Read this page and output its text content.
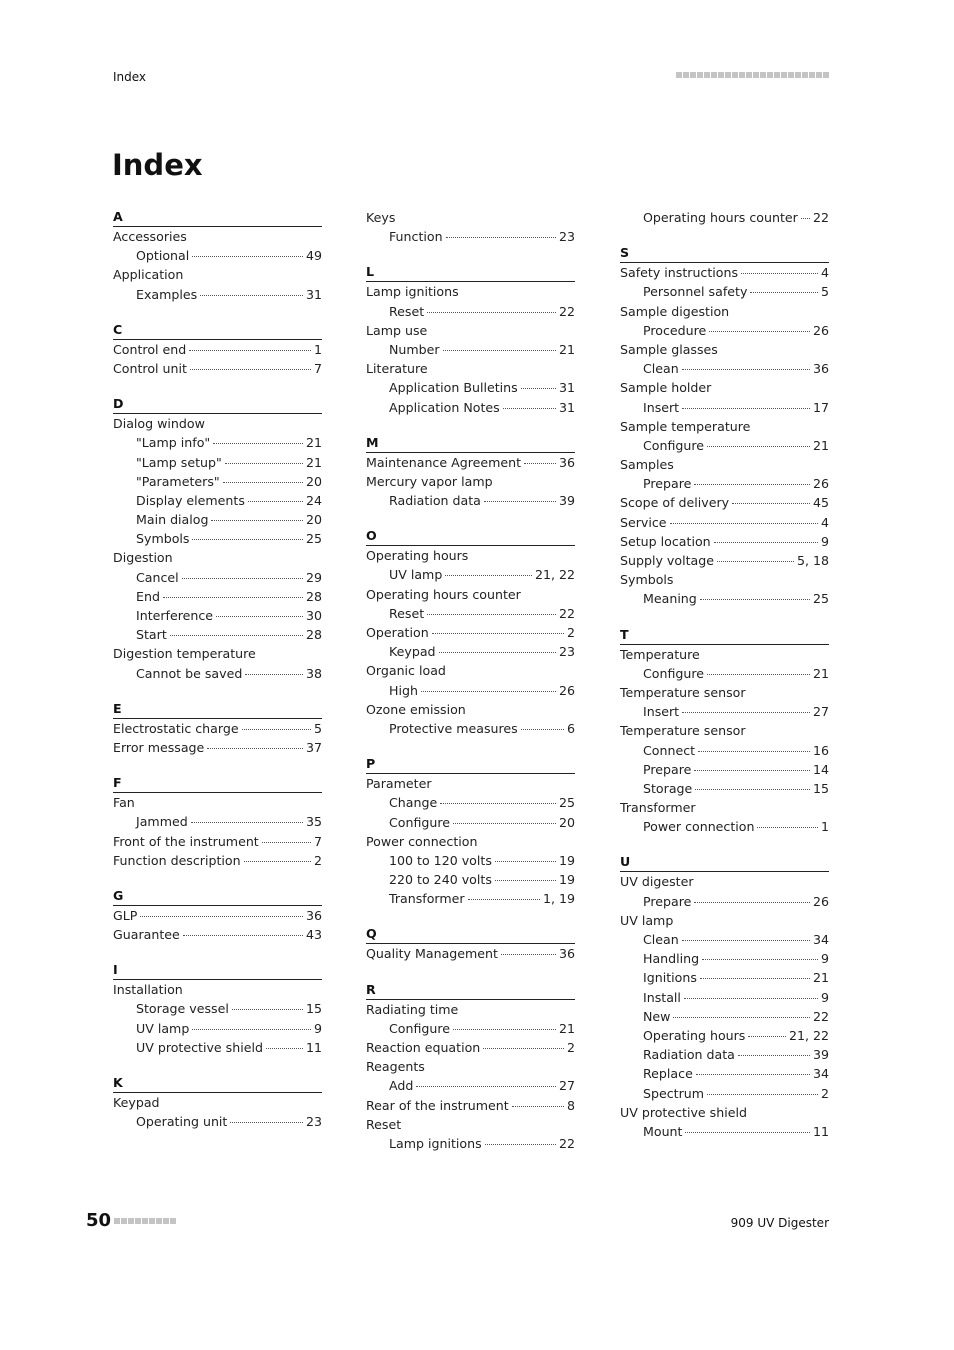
Index
Index
A
Accessories
Optional	49
Application
Examples	31
C
Control end	1
Control unit	7
D
Dialog window
"Lamp info"	21
"Lamp setup"	21
"Parameters"	20
Display elements	24
Main dialog	20
Symbols	25
Digestion
Cancel	29
End	28
Interference	30
Start	28
Digestion temperature
Cannot be saved	38
E
Electrostatic charge	5
Error message	37
F
Fan
Jammed	35
Front of the instrument	7
Function description	2
G
GLP	36
Guarantee	43
I
Installation
Storage vessel	15
UV lamp	9
UV protective shield	11
K
Keypad
Operating unit	23
Keys
Function	23
L
Lamp ignitions
Reset	22
Lamp use
Number	21
Literature
Application Bulletins	31
Application Notes	31
M
Maintenance Agreement	36
Mercury vapor lamp
Radiation data	39
O
Operating hours
UV lamp	21, 22
Operating hours counter
Reset	22
Operation	2
Keypad	23
Organic load
High	26
Ozone emission
Protective measures	6
P
Parameter
Change	25
Configure	20
Power connection
100 to 120 volts	19
220 to 240 volts	19
Transformer	1, 19
Q
Quality Management	36
R
Radiating time
Configure	21
Reaction equation	2
Reagents
Add	27
Rear of the instrument	8
Reset
Lamp ignitions	22
Operating hours counter 22
S
Safety instructions	4
Personnel safety	5
Sample digestion
Procedure	26
Sample glasses
Clean	36
Sample holder
Insert	17
Sample temperature
Configure	21
Samples
Prepare	26
Scope of delivery	45
Service	4
Setup location	9
Supply voltage	5, 18
Symbols
Meaning	25
T
Temperature
Configure	21
Temperature sensor
Insert	27
Temperature sensor
Connect	16
Prepare	14
Storage	15
Transformer
Power connection	1
U
UV digester
Prepare	26
UV lamp
Clean	34
Handling	9
Ignitions	21
Install	9
New	22
Operating hours	21, 22
Radiation data	39
Replace	34
Spectrum	2
UV protective shield
Mount	11
50	909 UV Digester
